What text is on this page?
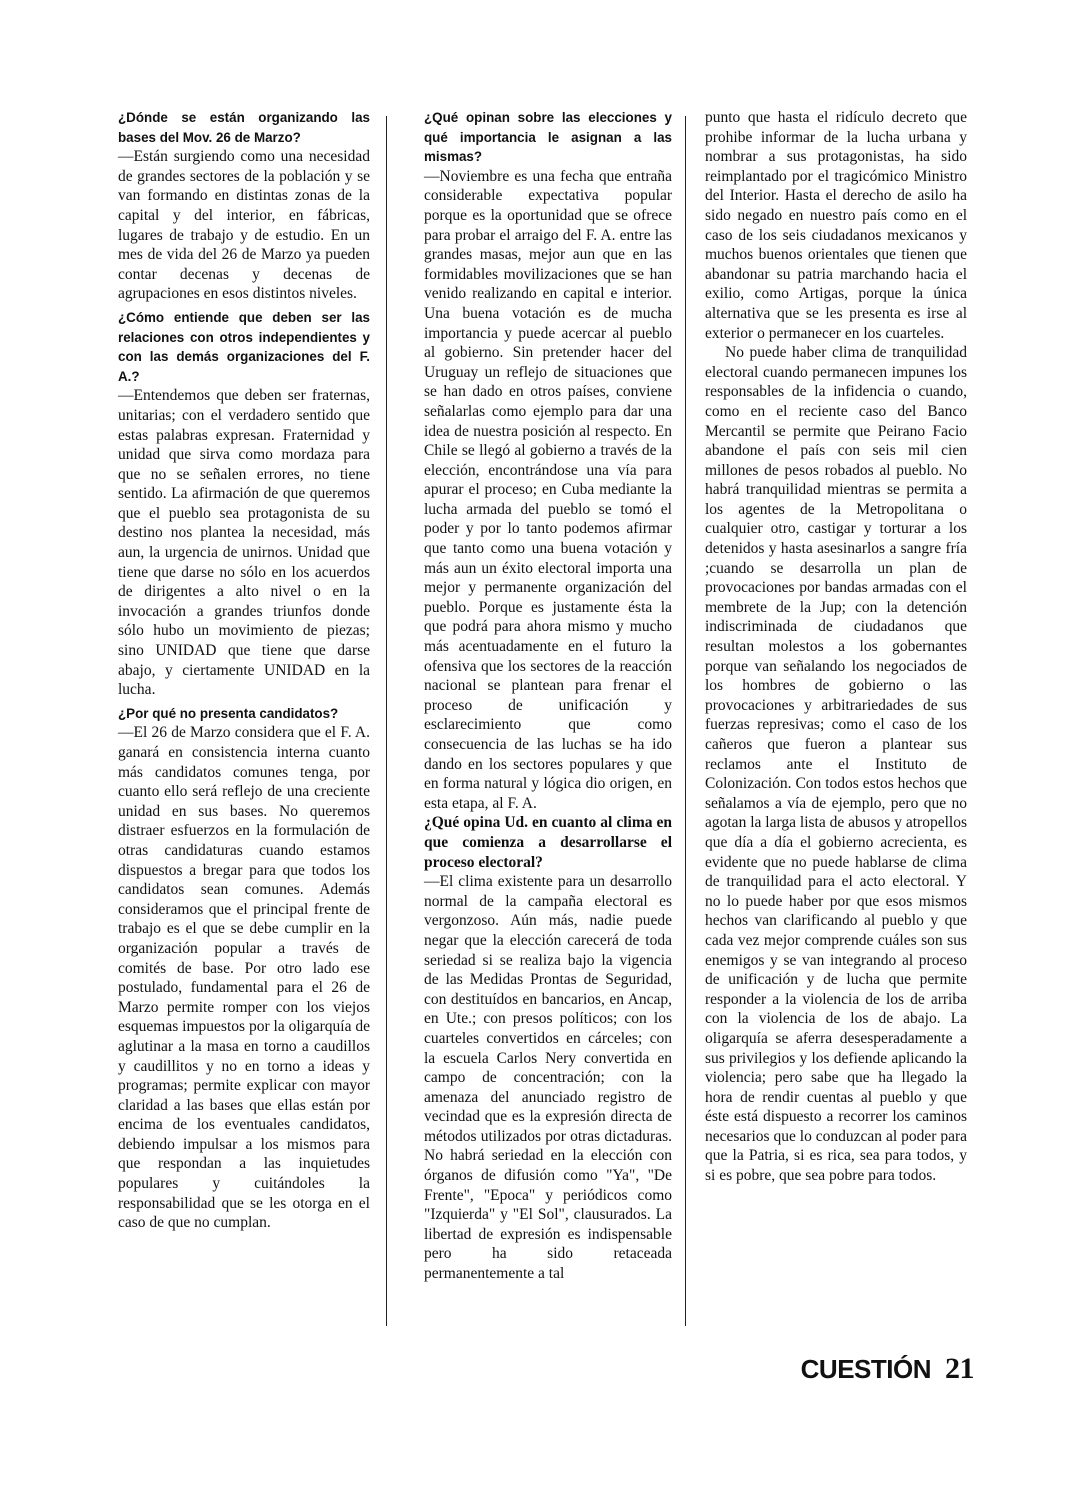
¿Dónde se están organizando las bases del Mov. 26 de Marzo?

—Están surgiendo como una necesidad de grandes sectores de la población y se van formando en distintas zonas de la capital y del interior, en fábricas, lugares de trabajo y de estudio. En un mes de vida del 26 de Marzo ya pueden contar decenas y decenas de agrupaciones en esos distintos niveles.

¿Cómo entiende que deben ser las relaciones con otros independientes y con las demás organizaciones del F. A.?

—Entendemos que deben ser fraternas, unitarias; con el verdadero sentido que estas palabras expresan. Fraternidad y unidad que sirva como mordaza para que no se señalen errores, no tiene sentido. La afirmación de que queremos que el pueblo sea protagonista de su destino nos plantea la necesidad, más aun, la urgencia de unirnos. Unidad que tiene que darse no sólo en los acuerdos de dirigentes a alto nivel o en la invocación a grandes triunfos donde sólo hubo un movimiento de piezas; sino UNIDAD que tiene que darse abajo, y ciertamente UNIDAD en la lucha.

¿Por qué no presenta candidatos?

—El 26 de Marzo considera que el F. A. ganará en consistencia interna cuanto más candidatos comunes tenga, por cuanto ello será reflejo de una creciente unidad en sus bases. No queremos distraer esfuerzos en la formulación de otras candidaturas cuando estamos dispuestos a bregar para que todos los candidatos sean comunes. Además consideramos que el principal frente de trabajo es el que se debe cumplir en la organización popular a través de comités de base. Por otro lado ese postulado, fundamental para el 26 de Marzo permite romper con los viejos esquemas impuestos por la oligarquía de aglutinar a la masa en torno a caudillos y caudillitos y no en torno a ideas y programas; permite explicar con mayor claridad a las bases que ellas están por encima de los eventuales candidatos, debiendo impulsar a los mismos para que respondan a las inquietudes populares y cuitándoles la responsabilidad que se les otorga en el caso de que no cumplan.

¿Qué opinan sobre las elecciones y qué importancia le asignan a las mismas?

—Noviembre es una fecha que entraña considerable expectativa popular porque es la oportunidad que se ofrece para probar el arraigo del F. A. entre las grandes masas, mejor aun que en las formidables movilizaciones que se han venido realizando en capital e interior. Una buena votación es de mucha importancia y puede acercar al pueblo al gobierno. Sin pretender hacer del Uruguay un reflejo de situaciones que se han dado en otros países, conviene señalarlas como ejemplo para dar una idea de nuestra posición al respecto. En Chile se llegó al gobierno a través de la elección, encontrándose una vía para apurar el proceso; en Cuba mediante la lucha armada del pueblo se tomó el poder y por lo tanto podemos afirmar que tanto como una buena votación y más aun un éxito electoral importa una mejor y permanente organización del pueblo. Porque es justamente ésta la que podrá para ahora mismo y mucho más acentuadamente en el futuro la ofensiva que los sectores de la reacción nacional se plantean para frenar el proceso de unificación y esclarecimiento que como consecuencia de las luchas se ha ido dando en los sectores populares y que en forma natural y lógica dio origen, en esta etapa, al F. A.

¿Qué opina Ud. en cuanto al clima en que comienza a desarrollarse el proceso electoral?

—El clima existente para un desarrollo normal de la campaña electoral es vergonzoso. Aún más, nadie puede negar que la elección carecerá de toda seriedad si se realiza bajo la vigencia de las Medidas Prontas de Seguridad, con destituídos en bancarios, en Ancap, en Ute.; con presos políticos; con los cuarteles convertidos en cárceles; con la escuela Carlos Nery convertida en campo de concentración; con la amenaza del anunciado registro de vecindad que es la expresión directa de métodos utilizados por otras dictaduras. No habrá seriedad en la elección con órganos de difusión como "Ya", "De Frente", "Epoca" y periódicos como "Izquierda" y "El Sol", clausurados. La libertad de expresión es indispensable pero ha sido retaceada permanentemente a tal

punto que hasta el ridículo decreto que prohibe informar de la lucha urbana y nombrar a sus protagonistas, ha sido reimplantado por el tragicómico Ministro del Interior. Hasta el derecho de asilo ha sido negado en nuestro país como en el caso de los seis ciudadanos mexicanos y muchos buenos orientales que tienen que abandonar su patria marchando hacia el exilio, como Artigas, porque la única alternativa que se les presenta es irse al exterior o permanecer en los cuarteles.

No puede haber clima de tranquilidad electoral cuando permanecen impunes los responsables de la infidencia o cuando, como en el reciente caso del Banco Mercantil se permite que Peirano Facio abandone el país con seis mil cien millones de pesos robados al pueblo. No habrá tranquilidad mientras se permita a los agentes de la Metropolitana o cualquier otro, castigar y torturar a los detenidos y hasta asesinarlos a sangre fría ;cuando se desarrolla un plan de provocaciones por bandas armadas con el membrete de la Jup; con la detención indiscriminada de ciudadanos que resultan molestos a los gobernantes porque van señalando los negociados de los hombres de gobierno o las provocaciones y arbitrariedades de sus fuerzas represivas; como el caso de los cañeros que fueron a plantear sus reclamos ante el Instituto de Colonización. Con todos estos hechos que señalamos a vía de ejemplo, pero que no agotan la larga lista de abusos y atropellos que día a día el gobierno acrecienta, es evidente que no puede hablarse de clima de tranquilidad para el acto electoral. Y no lo puede haber por que esos mismos hechos van clarificando al pueblo y que cada vez mejor comprende cuáles son sus enemigos y se van integrando al proceso de unificación y de lucha que permite responder a la violencia de los de arriba con la violencia de los de abajo. La oligarquía se aferra desesperadamente a sus privilegios y los defiende aplicando la violencia; pero sabe que ha llegado la hora de rendir cuentas al pueblo y que éste está dispuesto a recorrer los caminos necesarios que lo conduzcan al poder para que la Patria, si es rica, sea para todos, y si es pobre, que sea pobre para todos.

CUESTIÓN 21
